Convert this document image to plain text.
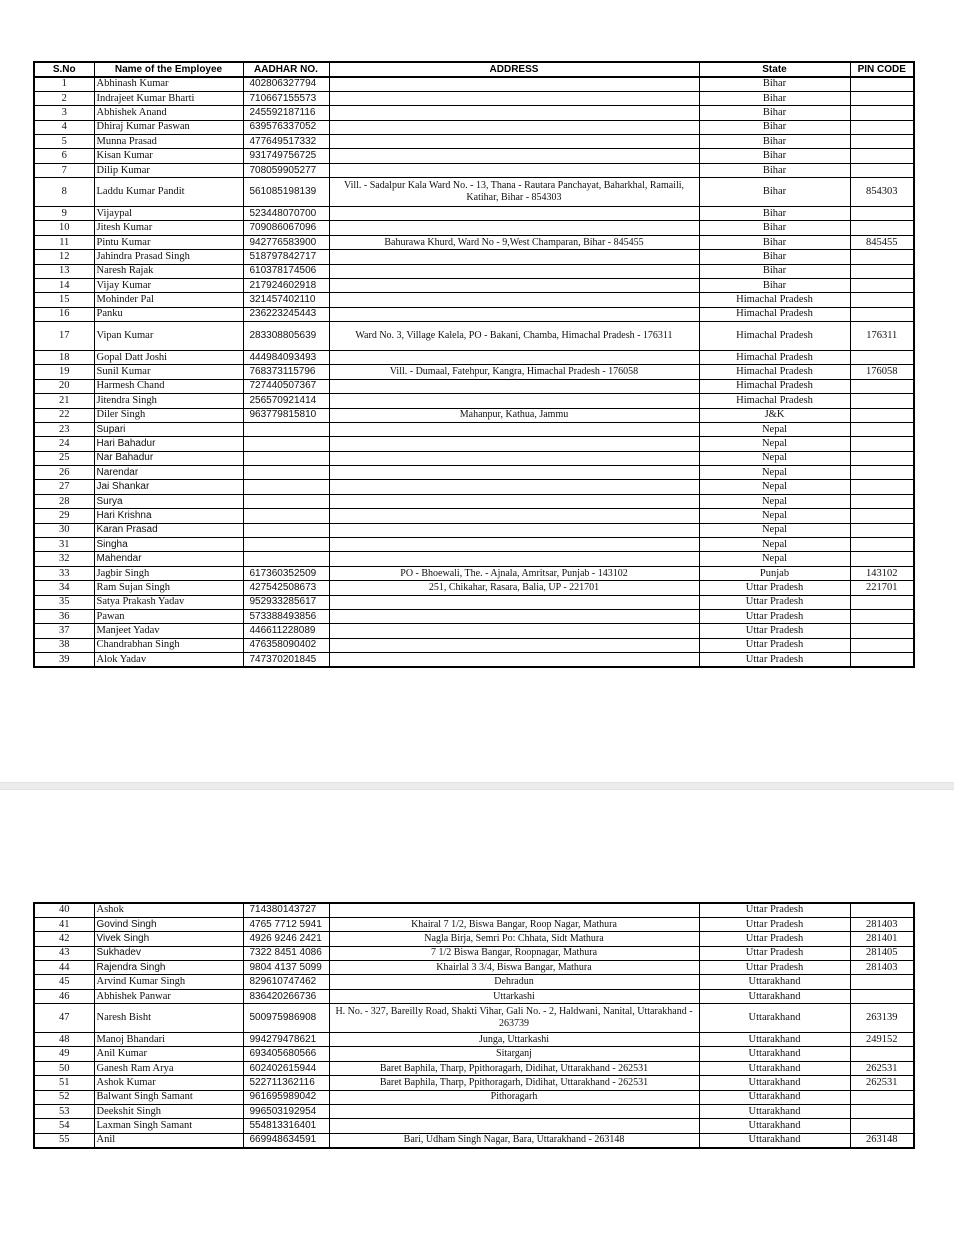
S.No	Name of the Employee	AADHAR NO.	ADDRESS	State	PIN CODE
1	Abhinash Kumar	402806327794		Bihar	
2	Indrajeet Kumar Bharti	710667155573		Bihar	
3	Abhishek Anand	245592187116		Bihar	
4	Dhiraj Kumar Paswan	639576337052		Bihar	
5	Munna Prasad	477649517332		Bihar	
6	Kisan Kumar	931749756725		Bihar	
7	Dilip Kumar	708059905277		Bihar	
8	Laddu Kumar Pandit	561085198139	Vill. - Sadalpur Kala Ward No. - 13, Thana - Rautara Panchayat, Baharkhal, Ramaili, Katihar, Bihar - 854303	Bihar	854303
9	Vijaypal	523448070700		Bihar	
10	Jitesh Kumar	709086067096		Bihar	
11	Pintu Kumar	942776583900	Bahurawa Khurd, Ward No - 9,West Champaran, Bihar - 845455	Bihar	845455
12	Jahindra Prasad Singh	518797842717		Bihar	
13	Naresh Rajak	610378174506		Bihar	
14	Vijay Kumar	217924602918		Bihar	
15	Mohinder Pal	321457402110		Himachal Pradesh	
16	Panku	236223245443		Himachal Pradesh	
17	Vipan Kumar	283308805639	Ward No. 3, Village Kalela, PO - Bakani, Chamba, Himachal Pradesh - 176311	Himachal Pradesh	176311
18	Gopal Datt Joshi	444984093493		Himachal Pradesh	
19	Sunil Kumar	768373115796	Vill. - Dumaal, Fatehpur, Kangra, Himachal Pradesh - 176058	Himachal Pradesh	176058
20	Harmesh Chand	727440507367		Himachal Pradesh	
21	Jitendra Singh	256570921414		Himachal Pradesh	
22	Diler Singh	963779815810	Mahanpur, Kathua, Jammu	J&K	
23	Supari			Nepal	
24	Hari Bahadur			Nepal	
25	Nar Bahadur			Nepal	
26	Narendar			Nepal	
27	Jai Shankar			Nepal	
28	Surya			Nepal	
29	Hari Krishna			Nepal	
30	Karan Prasad			Nepal	
31	Singha			Nepal	
32	Mahendar			Nepal	
33	Jagbir Singh	617360352509	PO - Bhoewali, The. - Ajnala, Amritsar, Punjab - 143102	Punjab	143102
34	Ram Sujan Singh	427542508673	251, Chikahar, Rasara, Balia, UP - 221701	Uttar Pradesh	221701
35	Satya Prakash Yadav	952933285617		Uttar Pradesh	
36	Pawan	573388493856		Uttar Pradesh	
37	Manjeet Yadav	446611228089		Uttar Pradesh	
38	Chandrabhan Singh	476358090402		Uttar Pradesh	
39	Alok Yadav	747370201845		Uttar Pradesh	
40	Ashok	714380143727		Uttar Pradesh	
41	Govind Singh	4765 7712 5941	Khairal 7 1/2, Biswa Bangar, Roop Nagar, Mathura	Uttar Pradesh	281403
42	Vivek Singh	4926 9246 2421	Nagla Birja, Semri Po: Chhata, Sidt Mathura	Uttar Pradesh	281401
43	Sukhadev	7322 8451 4086	7 1/2 Biswa Bangar, Roopnagar, Mathura	Uttar Pradesh	281405
44	Rajendra Singh	9804 4137 5099	Khairlal 3 3/4, Biswa Bangar, Mathura	Uttar Pradesh	281403
45	Arvind Kumar Singh	829610747462	Dehradun	Uttarakhand	
46	Abhishek Panwar	836420266736	Uttarkashi	Uttarakhand	
47	Naresh Bisht	500975986908	H. No. - 327, Bareilly Road, Shakti Vihar, Gali No. - 2, Haldwani, Nanital, Uttarakhand - 263739	Uttarakhand	263139
48	Manoj Bhandari	994279478621	Junga, Uttarkashi	Uttarakhand	249152
49	Anil Kumar	693405680566	Sitarganj	Uttarakhand	
50	Ganesh Ram Arya	602402615944	Baret Baphila, Tharp, Ppithoragarh, Didihat, Uttarakhand - 262531	Uttarakhand	262531
51	Ashok Kumar	522711362116	Baret Baphila, Tharp, Ppithoragarh, Didihat, Uttarakhand - 262531	Uttarakhand	262531
52	Balwant Singh Samant	961695989042	Pithoragarh	Uttarakhand	
53	Deekshit Singh	996503192954		Uttarakhand	
54	Laxman Singh Samant	554813316401		Uttarakhand	
55	Anil	669948634591	Bari, Udham Singh Nagar, Bara, Uttarakhand - 263148	Uttarakhand	263148
